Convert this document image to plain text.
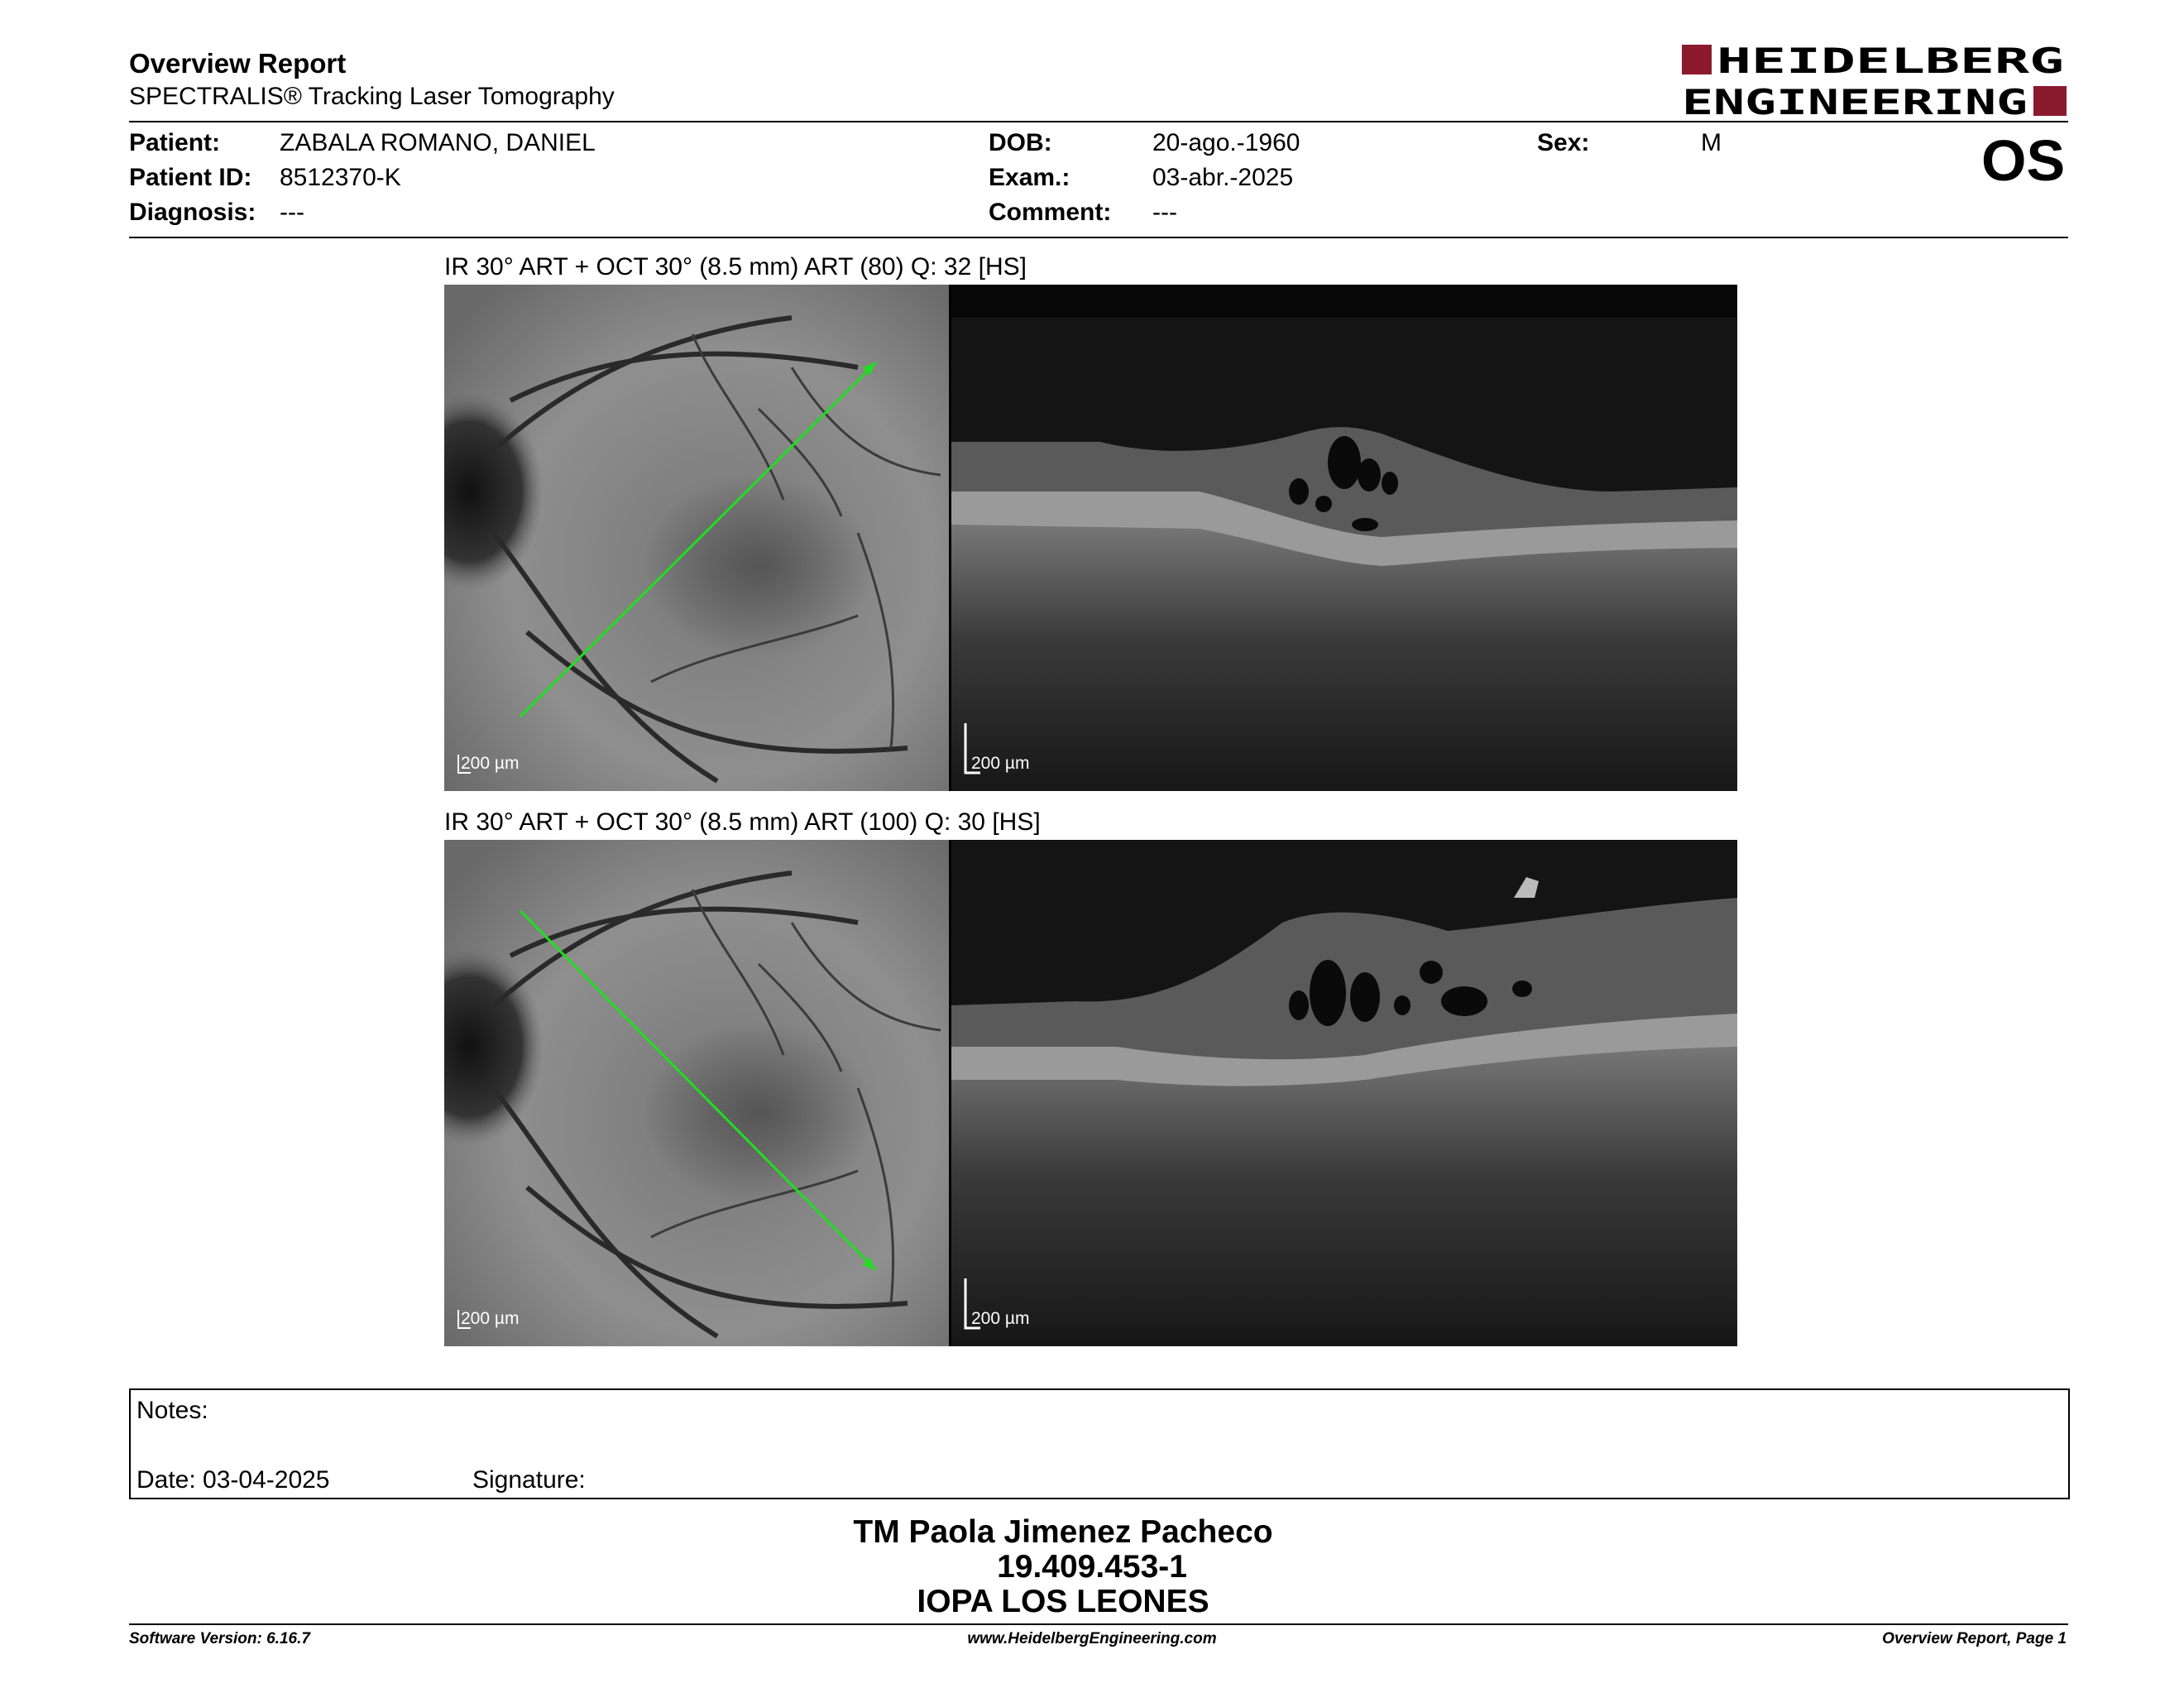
Overview Report
SPECTRALIS® Tracking Laser Tomography
HEIDELBERG
ENGINEERING
Patient: ZABALA ROMANO, DANIEL
Patient ID: 8512370-K
Diagnosis: ---
DOB:	20-ago.-1960
Exam.:	03-abr.-2025
Comment: ---
Sex:	M	OS
IR 30° ART + OCT 30° (8.5 mm) ART (80) Q: 32 [HS]
200 µm	200 µm
IR 30° ART + OCT 30° (8.5 mm) ART (100) Q: 30 [HS]
200 µm	200 µm
Notes:
Date: 03-04-2025	Signature:
TM Paola Jimenez Pacheco
19.409.453-1
IOPA LOS LEONES
Software Version: 6.16.7	www.HeidelbergEngineering.com	Overview Report, Page 1
